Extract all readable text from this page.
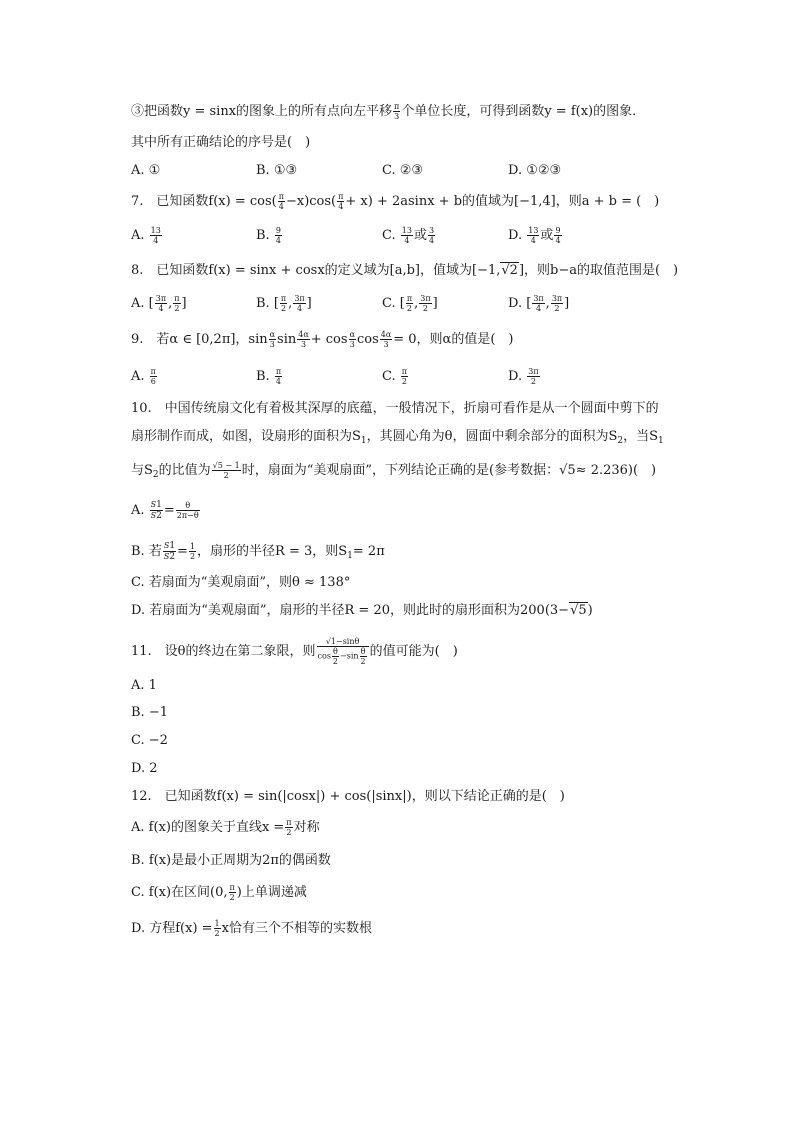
③把函数y = sinx的图象上的所有点向左平移 $\frac{\pi}{3}$ 个单位长度，可得到函数y = f(x)的图象．
其中所有正确结论的序号是(　)
A. ①	B. ①③	C. ②③	D. ①②③
7.　已知函数$f(x) = \cos( \frac{\pi}{4} -x)\cos( \frac{\pi}{4} + x) + 2asinx + b$的值域为[−1,4]，则a + b = (　)
A. $\frac{13}{4}$	B. $\frac{9}{4}$	C. $\frac{13}{4}$ 或 $\frac{3}{4}$	D. $\frac{13}{4}$ 或 $\frac{9}{4}$
8.　已知函数f(x) = sinx + cosx的定义域为[a,b]，值域为[−1,√2]，则b−a的取值范围是(　)
A. [ $\frac{3\pi}{4}$ , $\frac{\pi}{2}$ ]	B. [ $\frac{\pi}{2}$ , $\frac{3\pi}{4}$ ]	C. [ $\frac{\pi}{2}$ , $\frac{3\pi}{2}$ ]	D. [ $\frac{3\pi}{4}$ , $\frac{3\pi}{2}$ ]
9.　若α ∈ [0,2π]，$\sin \frac{\alpha}{3}$ $\sin \frac{4\alpha}{3} + \cos \frac{\alpha}{3}$ $\cos \frac{4\alpha}{3} = 0$，则α的值是(　)
A. $\frac{\pi}{6}$	B. $\frac{\pi}{4}$	C. $\frac{\pi}{2}$	D. $\frac{3\pi}{2}$
10.　中国传统扇文化有着极其深厚的底蕴，一般情况下，折扇可看作是从一个圆面中剪下的
扇形制作而成，如图，设扇形的面积为$S_1$，其圆心角为θ，圆面中剩余部分的面积为$S_2$，当$S_1$
与$S_2$的比值为 $\frac{√5 - 1}{2}$ 时，扇面为“美观扇面”，下列结论正确的是(参考数据：√5≈ 2.236)(　)
A. $\frac{S1}{S2} = \frac{\theta}{2\pi-\theta}$
B. 若 $\frac{S1}{S2} = \frac{1}{2}$ ，扇形的半径R = 3，则$S_1= 2\pi$
C. 若扇面为“美观扇面”，则θ ≈ 138°
D. 若扇面为“美观扇面”，扇形的半径R = 20，则此时的扇形面积为200(3−√5)
11.　设θ的终边在第二象限，则 $\frac{√1-\sin\theta}{\cos \frac{\theta}{2} -\sin \frac{\theta}{2}}$ 的值可能为(　)
A. 1
B. −1
C. −2
D. 2
12.　已知函数f(x) = sin(|cosx|) + cos(|sinx|)，则以下结论正确的是(　)
A. f(x)的图象关于直线$x = \frac{\pi}{2}$ 对称
B. f(x)是最小正周期为2π的偶函数
C. f(x)在区间(0, $\frac{\pi}{2}$ )上单调递减
D. 方程$f(x) = \frac{1}{2}$ x恰有三个不相等的实数根
